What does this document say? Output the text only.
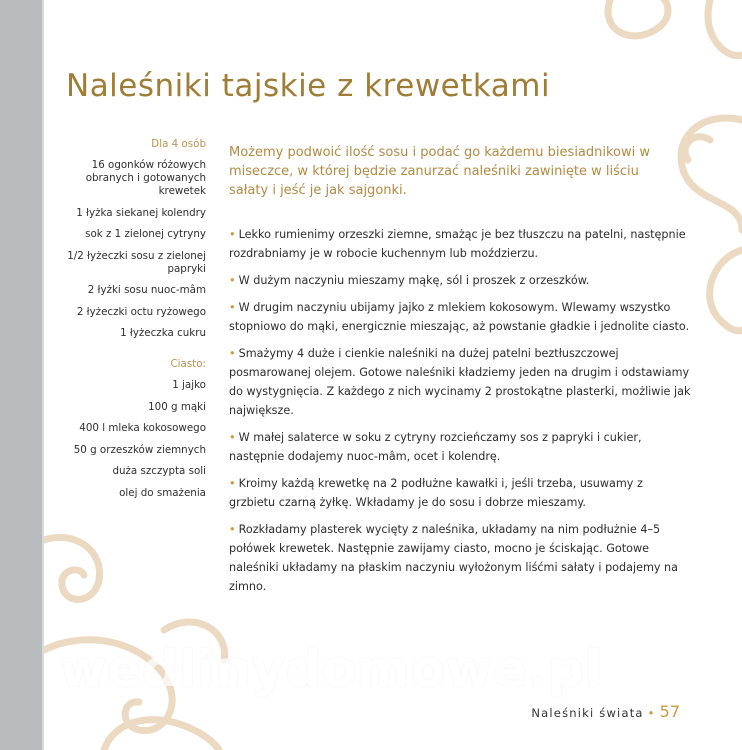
Naleśniki tajskie z krewetkami
Dla 4 osób
16 ogonków różowych obranych i gotowanych krewetek
1 łyżka siekanej kolendry
sok z 1 zielonej cytryny
1/2 łyżeczki sosu z zielonej papryki
2 łyżki sosu nuoc-mâm
2 łyżeczki octu ryżowego
1 łyżeczka cukru
Ciasto:
1 jajko
100 g mąki
400 l mleka kokosowego
50 g orzeszków ziemnych
duża szczypta soli
olej do smażenia
Możemy podwoić ilość sosu i podać go każdemu biesiadnikowi w miseczce, w której będzie zanurzać naleśniki zawinięte w liściu sałaty i jeść je jak sajgonki.
• Lekko rumienimy orzeszki ziemne, smażąc je bez tłuszczu na patelni, następnie rozdrabniamy je w robocie kuchennym lub moździerzu.
• W dużym naczyniu mieszamy mąkę, sól i proszek z orzeszków.
• W drugim naczyniu ubijamy jajko z mlekiem kokosowym. Wlewamy wszystko stopniowo do mąki, energicznie mieszając, aż powstanie gładkie i jednolite ciasto.
• Smażymy 4 duże i cienkie naleśniki na dużej patelni beztłuszczowej posmarowanej olejem. Gotowe naleśniki kładziemy jeden na drugim i odstawiamy do wystygnięcia. Z każdego z nich wycinamy 2 prostokątne plasterki, możliwie jak największe.
• W małej salaterce w soku z cytryny rozcieńczamy sos z papryki i cukier, następnie dodajemy nuoc-mâm, ocet i kolendrę.
• Kroimy każdą krewetkę na 2 podłużne kawałki i, jeśli trzeba, usuwamy z grzbietu czarną żyłkę. Wkładamy je do sosu i dobrze mieszamy.
• Rozkładamy plasterek wycięty z naleśnika, układamy na nim podłużnie 4–5 połówek krewetek. Następnie zawijamy ciasto, mocno je ściskając. Gotowe naleśniki układamy na płaskim naczyniu wyłożonym liśćmi sałaty i podajemy na zimno.
wedlinydomowe.pl
Naleśniki świata • 57
